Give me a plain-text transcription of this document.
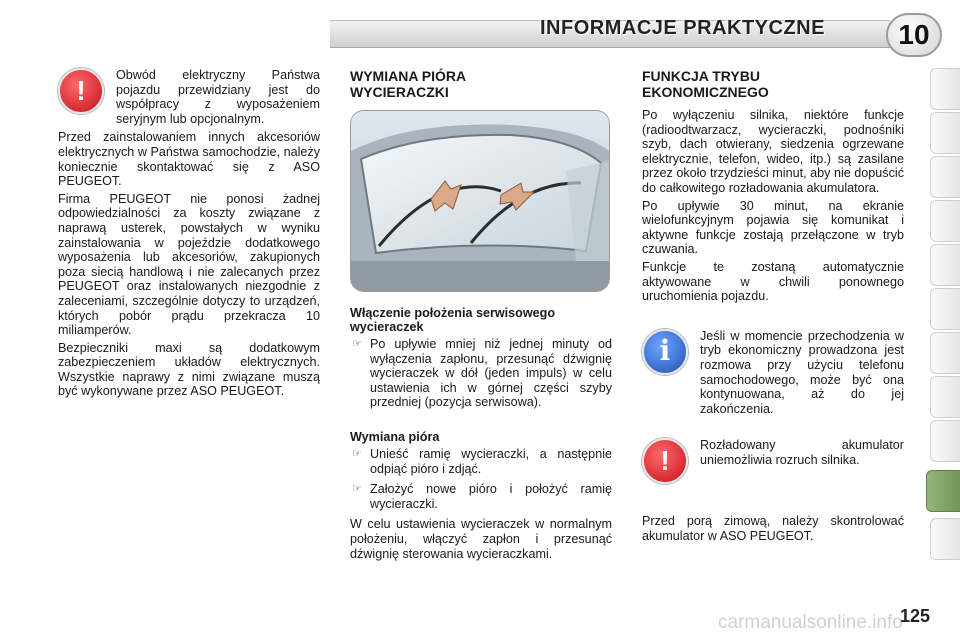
INFORMACJE PRAKTYCZNE	10
!	Obwód elektryczny Państwa pojazdu przewidziany jest do współpracy z wyposażeniem seryjnym lub opcjonalnym.

Przed zainstalowaniem innych akcesoriów elektrycznych w Państwa samochodzie, należy koniecznie skontaktować się z ASO PEUGEOT.

Firma PEUGEOT nie ponosi żadnej odpowiedzialności za koszty związane z naprawą usterek, powstałych w wyniku zainstalowania w pojeździe dodatkowego wyposażenia lub akcesoriów, zakupionych poza siecią handlową i nie zalecanych przez PEUGEOT oraz instalowanych niezgodnie z zaleceniami, szczególnie dotyczy to urządzeń, których pobór prądu przekracza 10 miliamperów.

Bezpieczniki maxi są dodatkowym zabezpieczeniem układów elektrycznych. Wszystkie naprawy z nimi związane muszą być wykonywane przez ASO PEUGEOT.

WYMIANA PIÓRA
WYCIERACZKI
Włączenie położenia serwisowego wycieraczek
☞ Po upływie mniej niż jednej minuty od wyłączenia zapłonu, przesunąć dźwignię wycieraczek w dół (jeden impuls) w celu ustawienia ich w górnej części szyby przedniej (pozycja serwisowa).
Wymiana pióra
☞ Unieść ramię wycieraczki, a następnie odpiąć pióro i zdjąć.
☞ Założyć nowe pióro i położyć ramię wycieraczki.

W celu ustawienia wycieraczek w normalnym położeniu, włączyć zapłon i przesunąć dźwignię sterowania wycieraczkami.

FUNKCJA TRYBU
EKONOMICZNEGO

Po wyłączeniu silnika, niektóre funkcje (radioodtwarzacz, wycieraczki, podnośniki szyb, dach otwierany, siedzenia ogrzewane elektrycznie, telefon, wideo, itp.) są zasilane przez około trzydzieści minut, aby nie dopuścić do całkowitego rozładowania akumulatora.

Po upływie 30 minut, na ekranie wielofunkcyjnym pojawia się komunikat i aktywne funkcje zostają przełączone w tryb czuwania.

Funkcje te zostaną automatycznie aktywowane w chwili ponownego uruchomienia pojazdu.

i	Jeśli w momencie przechodzenia w tryb ekonomiczny prowadzona jest rozmowa przy użyciu telefonu samochodowego, może być ona kontynuowana, aż do jej zakończenia.
!	Rozładowany akumulator uniemożliwia rozruch silnika.

Przed porą zimową, należy skontrolować akumulator w ASO PEUGEOT.

carmanualsonline.info
125
